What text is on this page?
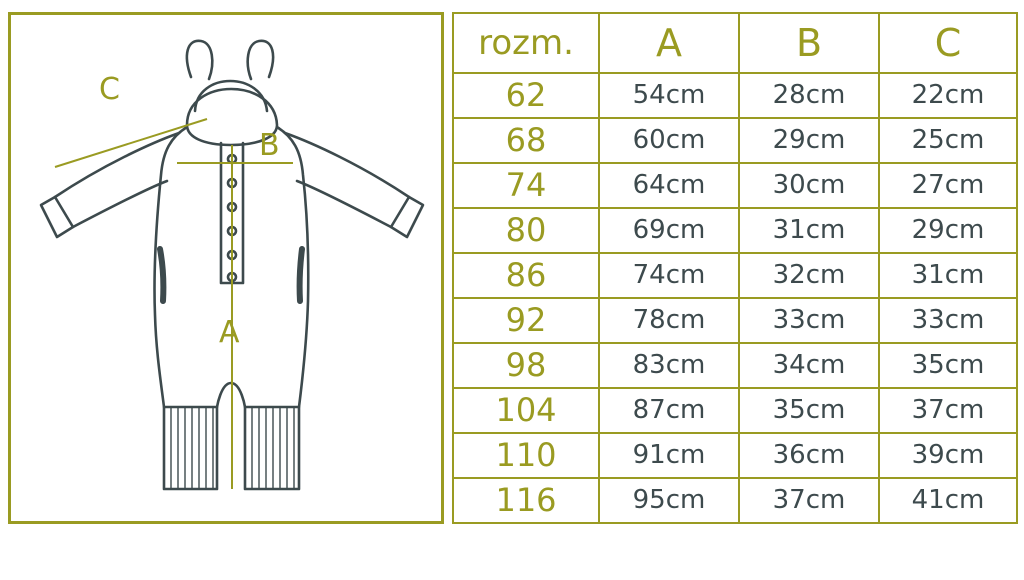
A
B
C
rozm.	A	B	C
62	54cm	28cm	22cm
68	60cm	29cm	25cm
74	64cm	30cm	27cm
80	69cm	31cm	29cm
86	74cm	32cm	31cm
92	78cm	33cm	33cm
98	83cm	34cm	35cm
104	87cm	35cm	37cm
110	91cm	36cm	39cm
116	95cm	37cm	41cm
